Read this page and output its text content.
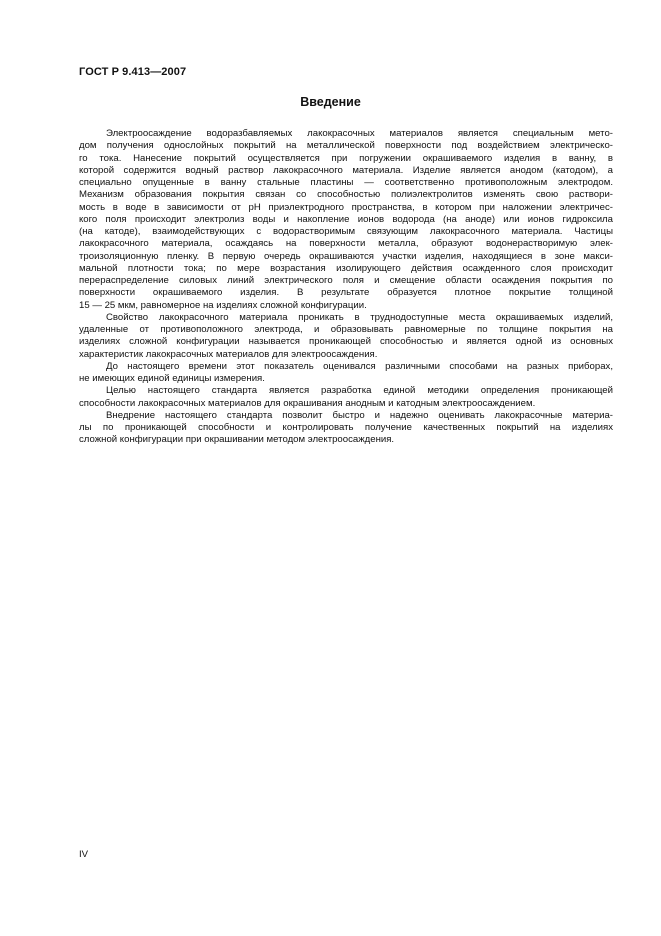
ГОСТ Р 9.413—2007
Введение
Электроосаждение водоразбавляемых лакокрасочных материалов является специальным мето-
дом получения однослойных покрытий на металлической поверхности под воздействием электрическо-
го тока. Нанесение покрытий осуществляется при погружении окрашиваемого изделия в ванну, в
которой содержится водный раствор лакокрасочного материала. Изделие является анодом (катодом), а
специально опущенные в ванну стальные пластины — соответственно противоположным электродом.
Механизм образования покрытия связан со способностью полиэлектролитов изменять свою раствори-
мость в воде в зависимости от pH приэлектродного пространства, в котором при наложении электричес-
кого поля происходит электролиз воды и накопление ионов водорода (на аноде) или ионов гидроксила
(на катоде), взаимодействующих с водорастворимым связующим лакокрасочного материала. Частицы
лакокрасочного материала, осаждаясь на поверхности металла, образуют водонерастворимую элек-
троизоляционную пленку. В первую очередь окрашиваются участки изделия, находящиеся в зоне макси-
мальной плотности тока; по мере возрастания изолирующего действия осажденного слоя происходит
перераспределение силовых линий электрического поля и смещение области осаждения покрытия по
поверхности окрашиваемого изделия. В результате образуется плотное покрытие толщиной
15 — 25 мкм, равномерное на изделиях сложной конфигурации.
Свойство лакокрасочного материала проникать в труднодоступные места окрашиваемых изделий,
удаленные от противоположного электрода, и образовывать равномерные по толщине покрытия на
изделиях сложной конфигурации называется проникающей способностью и является одной из основных
характеристик лакокрасочных материалов для электроосаждения.
До настоящего времени этот показатель оценивался различными способами на разных приборах,
не имеющих единой единицы измерения.
Целью настоящего стандарта является разработка единой методики определения проникающей
способности лакокрасочных материалов для окрашивания анодным и катодным электроосаждением.
Внедрение настоящего стандарта позволит быстро и надежно оценивать лакокрасочные материа-
лы по проникающей способности и контролировать получение качественных покрытий на изделиях
сложной конфигурации при окрашивании методом электроосаждения.
IV
